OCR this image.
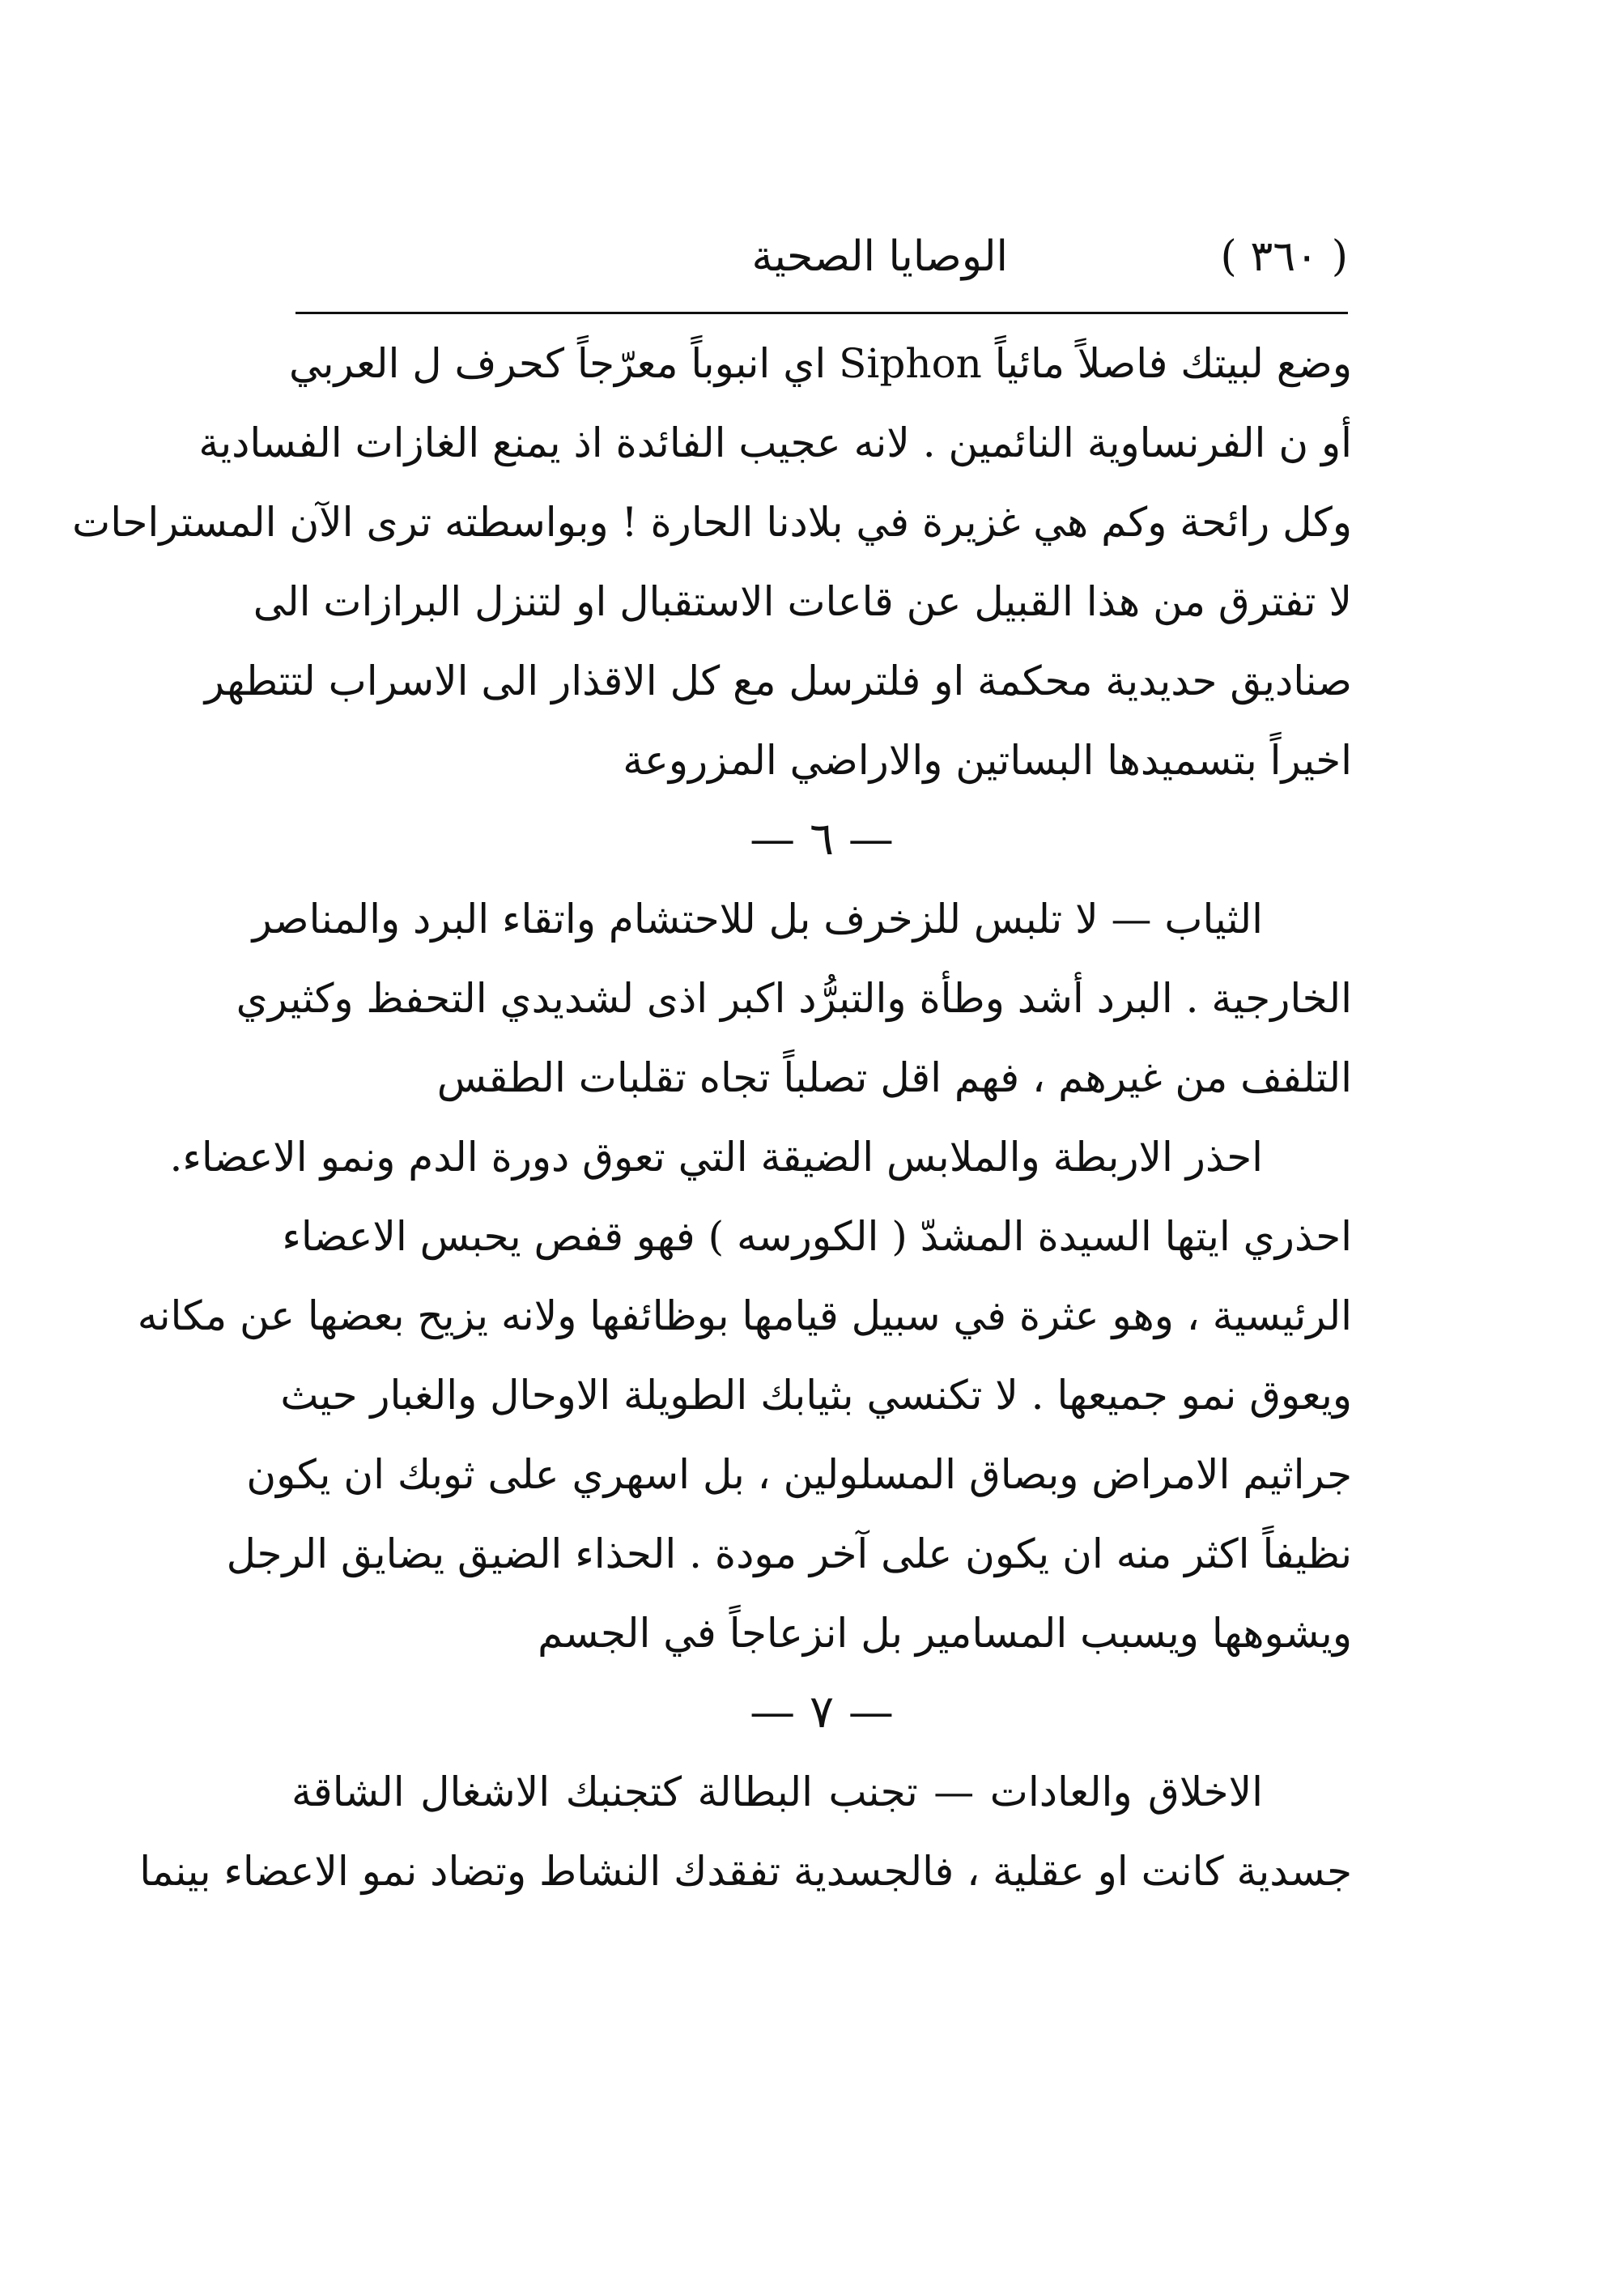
( ٣٦٠ )
الوصايا الصحية
وضع لبيتك فاصلاً مائياً Siphon اي انبوباً معرّجاً كحرف ل العربي
أو ن الفرنساوية النائمين . لانه عجيب الفائدة اذ يمنع الغازات الفسادية
وكل رائحة وكم هي غزيرة في بلادنا الحارة ! وبواسطته ترى الآن المستراحات
لا تفترق من هذا القبيل عن قاعات الاستقبال او لتنزل البرازات الى
صناديق حديدية محكمة او فلترسل مع كل الاقذار الى الاسراب لتتطهر
اخيراً بتسميدها البساتين والاراضي المزروعة
— ٦ —
الثياب — لا تلبس للزخرف بل للاحتشام واتقاء البرد والمناصر
الخارجية . البرد أشد وطأة والتبرُّد اكبر اذى لشديدي التحفظ وكثيري
التلفف من غيرهم ، فهم اقل تصلباً تجاه تقلبات الطقس
احذر الاربطة والملابس الضيقة التي تعوق دورة الدم ونمو الاعضاء.
احذري ايتها السيدة المشدّ ( الكورسه ) فهو قفص يحبس الاعضاء
الرئيسية ، وهو عثرة في سبيل قيامها بوظائفها ولانه يزيح بعضها عن مكانه
ويعوق نمو جميعها . لا تكنسي بثيابك الطويلة الاوحال والغبار حيث
جراثيم الامراض وبصاق المسلولين ، بل اسهري على ثوبك ان يكون
نظيفاً اكثر منه ان يكون على آخر مودة . الحذاء الضيق يضايق الرجل
ويشوهها ويسبب المسامير بل انزعاجاً في الجسم
— ٧ —
الاخلاق والعادات — تجنب البطالة كتجنبك الاشغال الشاقة
جسدية كانت او عقلية ، فالجسدية تفقدك النشاط وتضاد نمو الاعضاء بينما
